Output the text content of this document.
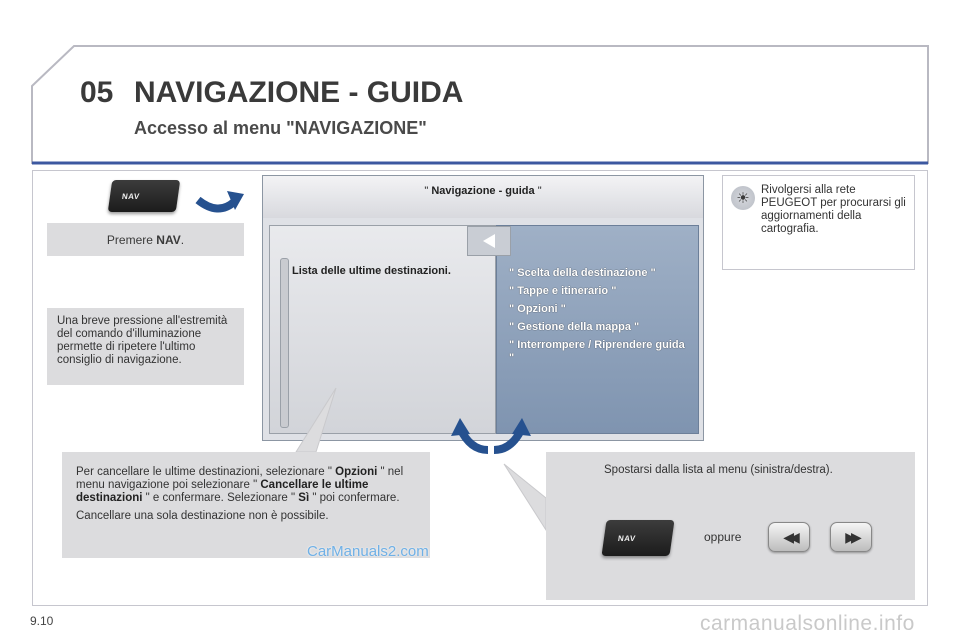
05 NAVIGAZIONE - GUIDA
Accesso al menu "NAVIGAZIONE"
NAV
Premere NAV .
Una breve pressione all'estremità del comando d'illuminazione permette di ripetere l'ultimo consiglio di navigazione.
" Navigazione - guida "
Lista delle ultime destinazioni.	" Scelta della destinazione "
" Tappe e itinerario "
" Opzioni "
" Gestione della mappa "
" Interrompere / Riprendere guida "
☀ Rivolgersi alla rete PEUGEOT per procurarsi gli aggiornamenti della cartografia.
Per cancellare le ultime destinazioni, selezionare " Opzioni " nel menu navigazione poi selezionare " Cancellare le ultime destinazioni " e confermare. Selezionare " Sì " poi confermare.
Cancellare una sola destinazione non è possibile.
CarManuals2.com
Spostarsi dalla lista al menu (sinistra/destra).
NAV	oppure	◀◀	▶▶
9.10	carmanualsonline.info
